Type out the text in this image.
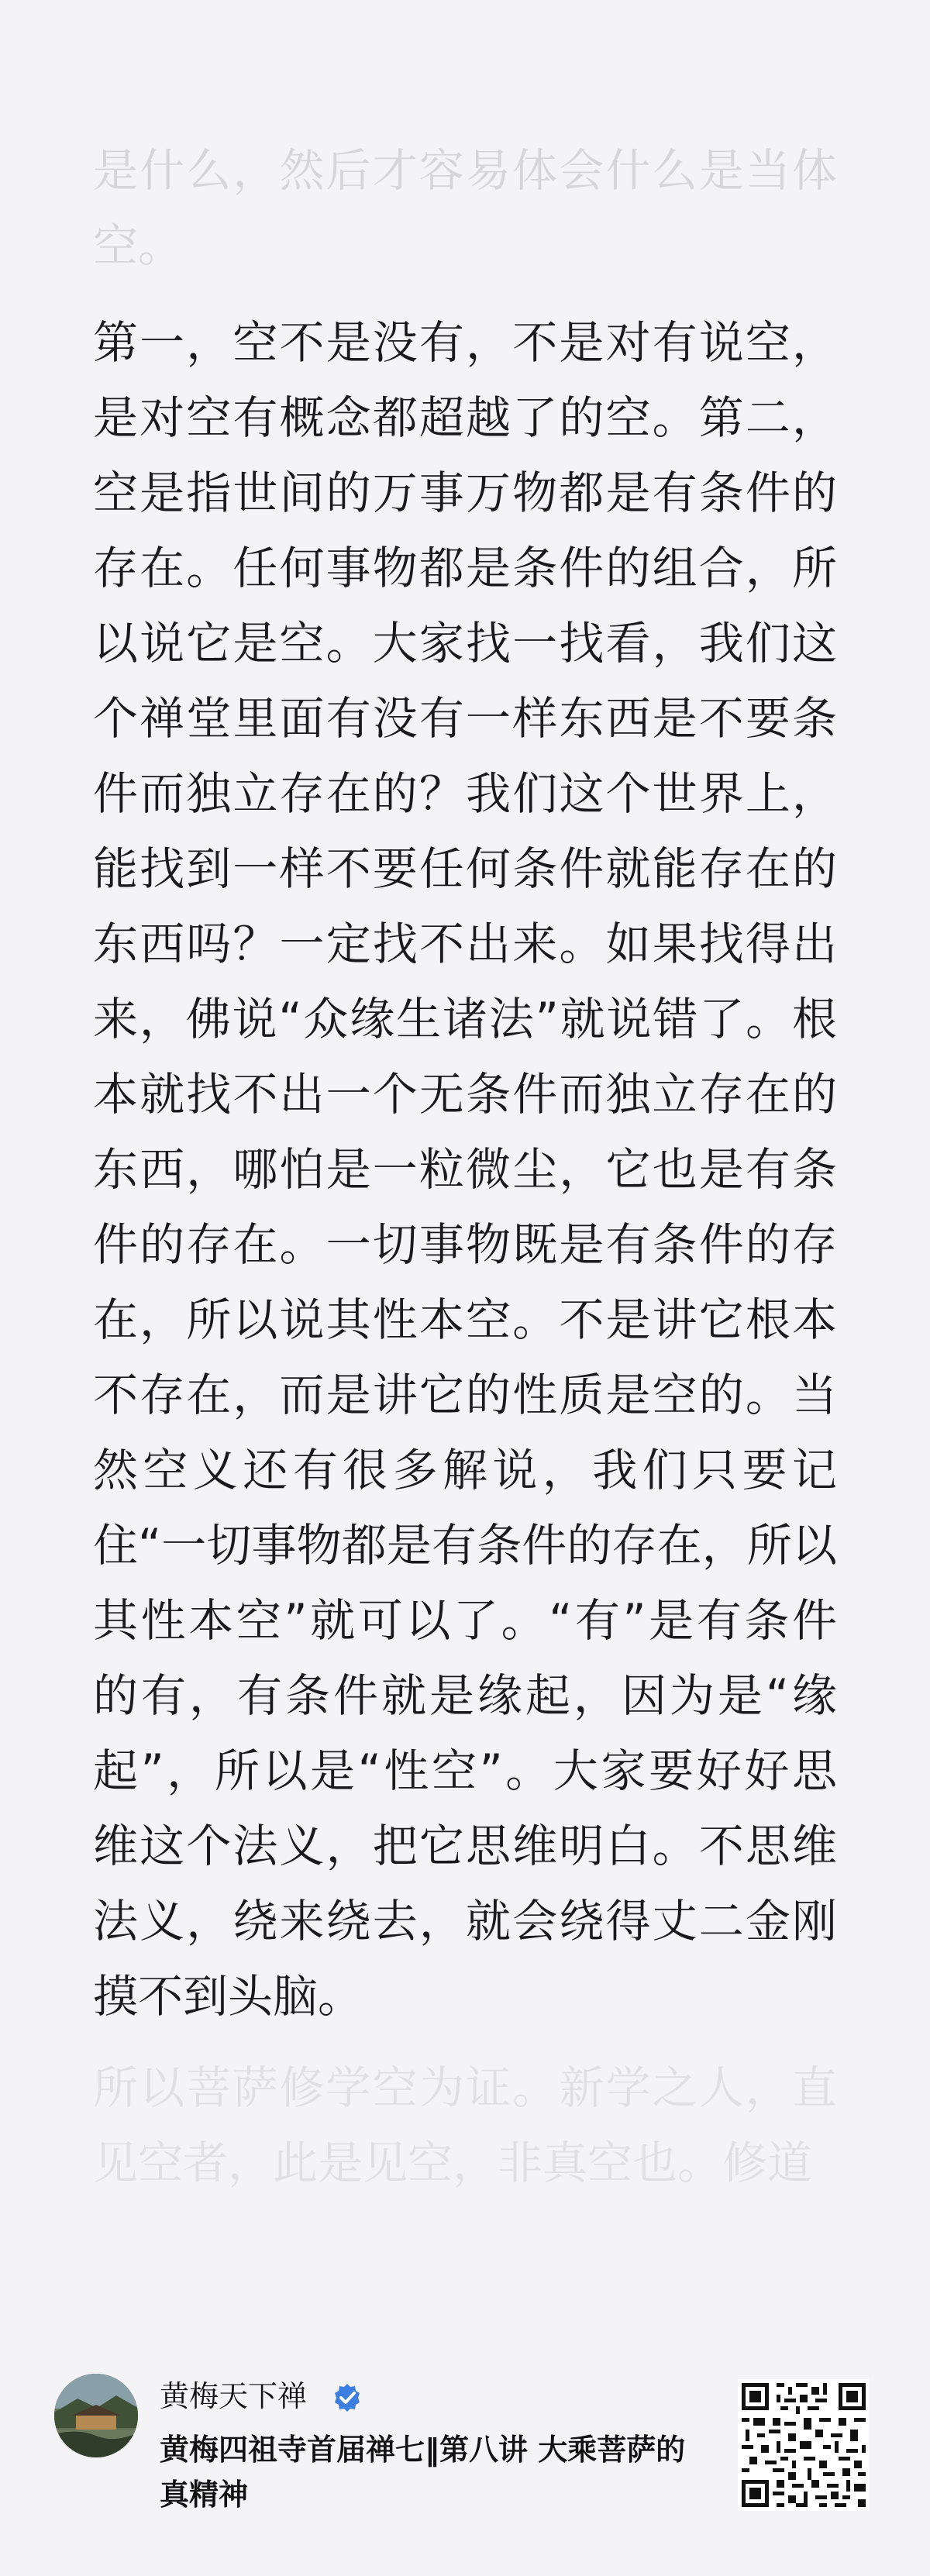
是什么，然后才容易体会什么是当体空。

第一，空不是没有，不是对有说空，是对空有概念都超越了的空。第二，空是指世间的万事万物都是有条件的存在。任何事物都是条件的组合，所以说它是空。大家找一找看，我们这个禅堂里面有没有一样东西是不要条件而独立存在的？我们这个世界上，能找到一样不要任何条件就能存在的东西吗？一定找不出来。如果找得出来，佛说“众缘生诸法”就说错了。根本就找不出一个无条件而独立存在的东西，哪怕是一粒微尘，它也是有条件的存在。一切事物既是有条件的存在，所以说其性本空。不是讲它根本不存在，而是讲它的性质是空的。当然空义还有很多解说，我们只要记住“一切事物都是有条件的存在，所以其性本空”就可以了。“有”是有条件的有，有条件就是缘起，因为是“缘起”，所以是“性空”。大家要好好思维这个法义，把它思维明白。不思维法义，绕来绕去，就会绕得丈二金刚摸不到头脑。

所以菩萨修学空为证。新学之人，直见空者，此是见空，非真空也。修道

黄梅天下禅
黄梅四祖寺首届禅七‖第八讲 大乘菩萨的真精神
